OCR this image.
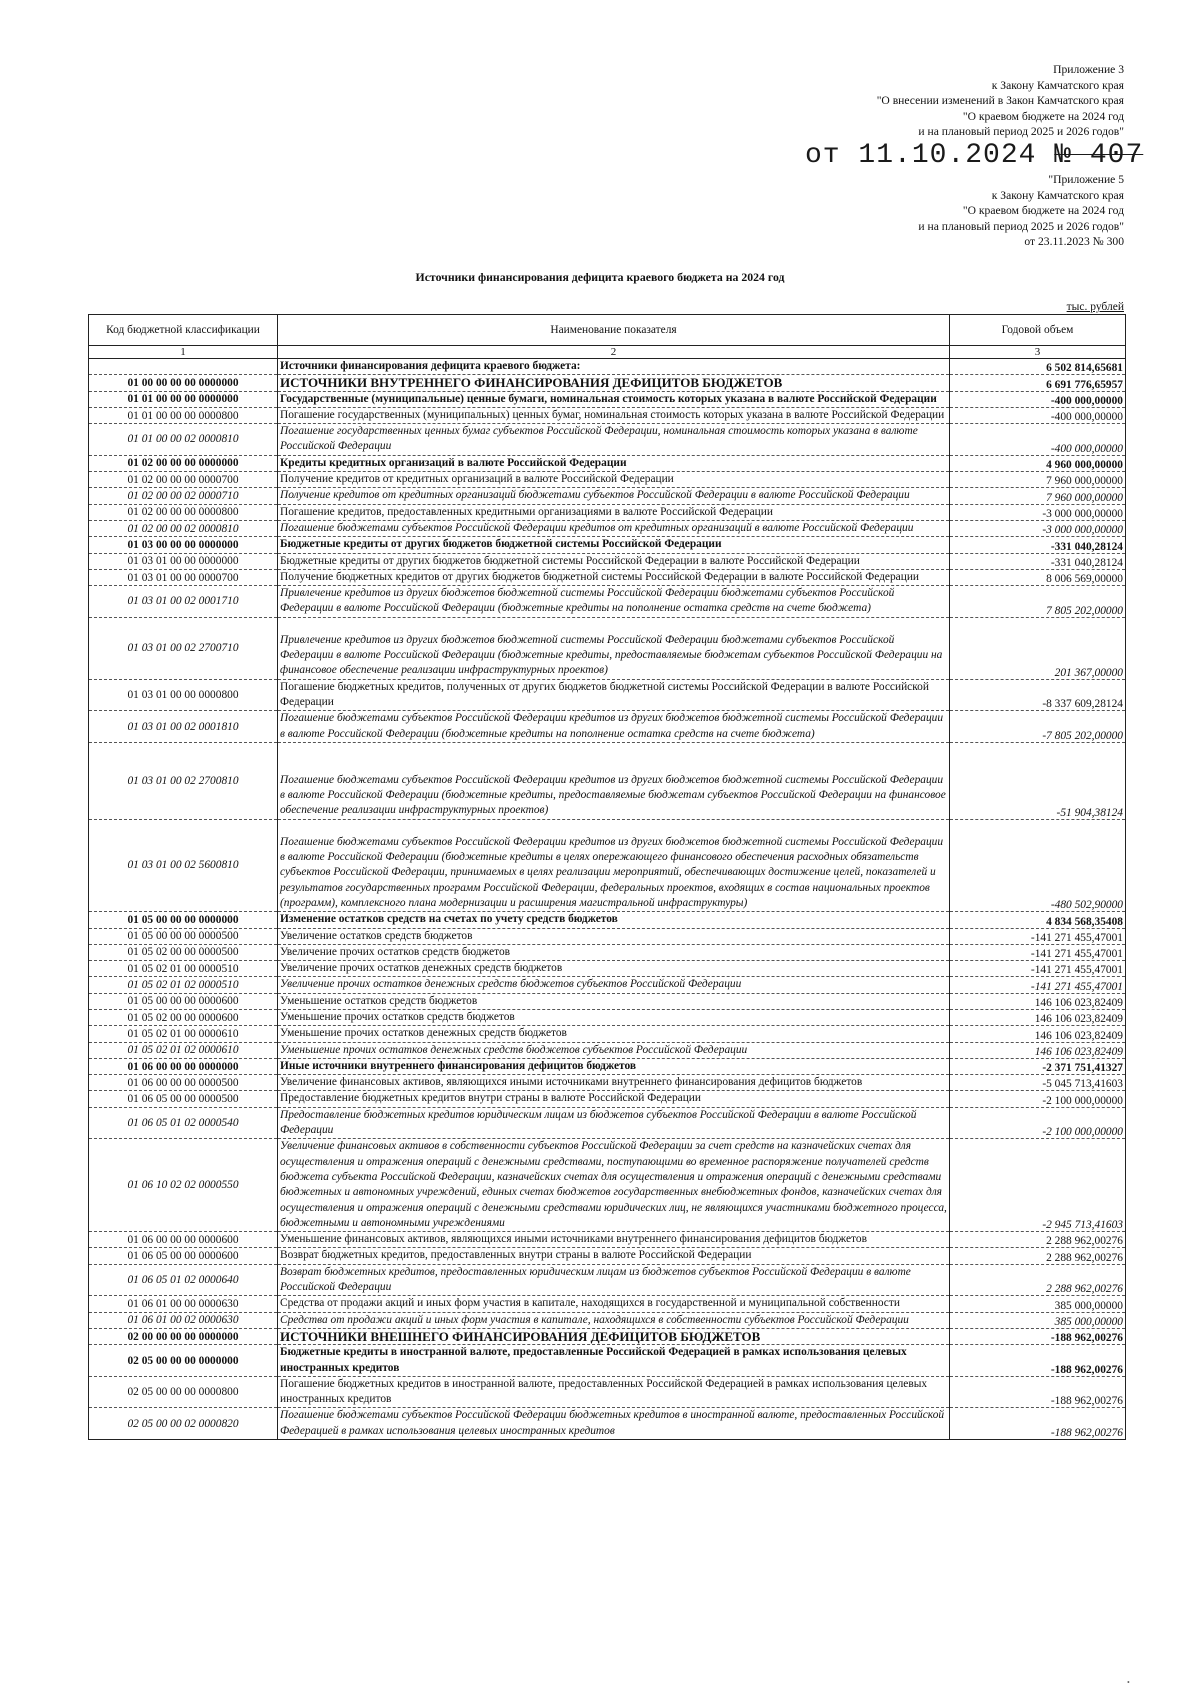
Приложение 3
к Закону Камчатского края
"О внесении изменений в Закон Камчатского края
"О краевом бюджете на 2024 год
и на плановый период 2025 и 2026 годов"
от 11.10.2024 № 407
"Приложение 5
к Закону Камчатского края
"О краевом бюджете на 2024 год
и на плановый период 2025 и 2026 годов"
от 23.11.2023 № 300
Источники финансирования дефицита краевого бюджета на 2024 год
тыс. рублей
Код бюджетной классификации	Наименование показателя	Годовой объем
1	2	3
	Источники финансирования дефицита краевого бюджета:	6 502 814,65681
01 00 00 00 00 0000000	ИСТОЧНИКИ ВНУТРЕННЕГО ФИНАНСИРОВАНИЯ ДЕФИЦИТОВ БЮДЖЕТОВ	6 691 776,65957
01 01 00 00 00 0000000	Государственные (муниципальные) ценные бумаги, номинальная стоимость которых указана в валюте Российской Федерации	-400 000,00000
01 01 00 00 00 0000800	Погашение государственных (муниципальных) ценных бумаг, номинальная стоимость которых указана в валюте Российской Федерации	-400 000,00000
01 01 00 00 02 0000810	Погашение государственных ценных бумаг субъектов Российской Федерации, номинальная стоимость которых указана в валюте Российской Федерации	-400 000,00000
01 02 00 00 00 0000000	Кредиты кредитных организаций в валюте Российской Федерации	4 960 000,00000
01 02 00 00 00 0000700	Получение кредитов от кредитных организаций в валюте Российской Федерации	7 960 000,00000
01 02 00 00 02 0000710	Получение кредитов от кредитных организаций бюджетами субъектов Российской Федерации в валюте Российской Федерации	7 960 000,00000
01 02 00 00 00 0000800	Погашение кредитов, предоставленных кредитными организациями в валюте Российской Федерации	-3 000 000,00000
01 02 00 00 02 0000810	Погашение бюджетами субъектов Российской Федерации кредитов от кредитных организаций в валюте Российской Федерации	-3 000 000,00000
01 03 00 00 00 0000000	Бюджетные кредиты от других бюджетов бюджетной системы Российской Федерации	-331 040,28124
01 03 01 00 00 0000000	Бюджетные кредиты от других бюджетов бюджетной системы Российской Федерации в валюте Российской Федерации	-331 040,28124
01 03 01 00 00 0000700	Получение бюджетных кредитов от других бюджетов бюджетной системы Российской Федерации в валюте Российской Федерации	8 006 569,00000
01 03 01 00 02 0001710	Привлечение кредитов из других бюджетов бюджетной системы Российской Федерации бюджетами субъектов Российской Федерации в валюте Российской Федерации (бюджетные кредиты на пополнение остатка средств на счете бюджета)	7 805 202,00000
01 03 01 00 02 2700710	Привлечение кредитов из других бюджетов бюджетной системы Российской Федерации бюджетами субъектов Российской Федерации в валюте Российской Федерации (бюджетные кредиты, предоставляемые бюджетам субъектов Российской Федерации на финансовое обеспечение реализации инфраструктурных проектов)	201 367,00000
01 03 01 00 00 0000800	Погашение бюджетных кредитов, полученных от других бюджетов бюджетной системы Российской Федерации в валюте Российской Федерации	-8 337 609,28124
01 03 01 00 02 0001810	Погашение бюджетами субъектов Российской Федерации кредитов из других бюджетов бюджетной системы Российской Федерации в валюте Российской Федерации (бюджетные кредиты на пополнение остатка средств на счете бюджета)	-7 805 202,00000
01 03 01 00 02 2700810	Погашение бюджетами субъектов Российской Федерации кредитов из других бюджетов бюджетной системы Российской Федерации в валюте Российской Федерации (бюджетные кредиты, предоставляемые бюджетам субъектов Российской Федерации на финансовое обеспечение реализации инфраструктурных проектов)	-51 904,38124
01 03 01 00 02 5600810	Погашение бюджетами субъектов Российской Федерации кредитов из других бюджетов бюджетной системы Российской Федерации в валюте Российской Федерации (бюджетные кредиты в целях опережающего финансового обеспечения расходных обязательств субъектов Российской Федерации, принимаемых в целях реализации мероприятий, обеспечивающих достижение целей, показателей и результатов государственных программ Российской Федерации, федеральных проектов, входящих в состав национальных проектов (программ), комплексного плана модернизации и расширения магистральной инфраструктуры)	-480 502,90000
01 05 00 00 00 0000000	Изменение остатков средств на счетах по учету средств бюджетов	4 834 568,35408
01 05 00 00 00 0000500	Увеличение остатков средств бюджетов	-141 271 455,47001
01 05 02 00 00 0000500	Увеличение прочих остатков средств бюджетов	-141 271 455,47001
01 05 02 01 00 0000510	Увеличение прочих остатков денежных средств бюджетов	-141 271 455,47001
01 05 02 01 02 0000510	Увеличение прочих остатков денежных средств бюджетов субъектов Российской Федерации	-141 271 455,47001
01 05 00 00 00 0000600	Уменьшение остатков средств бюджетов	146 106 023,82409
01 05 02 00 00 0000600	Уменьшение прочих остатков средств бюджетов	146 106 023,82409
01 05 02 01 00 0000610	Уменьшение прочих остатков денежных средств бюджетов	146 106 023,82409
01 05 02 01 02 0000610	Уменьшение прочих остатков денежных средств бюджетов субъектов Российской Федерации	146 106 023,82409
01 06 00 00 00 0000000	Иные источники внутреннего финансирования дефицитов бюджетов	-2 371 751,41327
01 06 00 00 00 0000500	Увеличение финансовых активов, являющихся иными источниками внутреннего финансирования дефицитов бюджетов	-5 045 713,41603
01 06 05 00 00 0000500	Предоставление бюджетных кредитов внутри страны в валюте Российской Федерации	-2 100 000,00000
01 06 05 01 02 0000540	Предоставление бюджетных кредитов юридическим лицам из бюджетов субъектов Российской Федерации в валюте Российской Федерации	-2 100 000,00000
01 06 10 02 02 0000550	Увеличение финансовых активов в собственности субъектов Российской Федерации за счет средств на казначейских счетах для осуществления и отражения операций с денежными средствами, поступающими во временное распоряжение получателей средств бюджета субъекта Российской Федерации, казначейских счетах для осуществления и отражения операций с денежными средствами бюджетных и автономных учреждений, единых счетах бюджетов государственных внебюджетных фондов, казначейских счетах для осуществления и отражения операций с денежными средствами юридических лиц, не являющихся участниками бюджетного процесса, бюджетными и автономными учреждениями	-2 945 713,41603
01 06 00 00 00 0000600	Уменьшение финансовых активов, являющихся иными источниками внутреннего финансирования дефицитов бюджетов	2 288 962,00276
01 06 05 00 00 0000600	Возврат бюджетных кредитов, предоставленных внутри страны в валюте Российской Федерации	2 288 962,00276
01 06 05 01 02 0000640	Возврат бюджетных кредитов, предоставленных юридическим лицам из бюджетов субъектов Российской Федерации в валюте Российской Федерации	2 288 962,00276
01 06 01 00 00 0000630	Средства от продажи акций и иных форм участия в капитале, находящихся в государственной и муниципальной собственности	385 000,00000
01 06 01 00 02 0000630	Средства от продажи акций и иных форм участия в капитале, находящихся в собственности субъектов Российской Федерации	385 000,00000
02 00 00 00 00 0000000	ИСТОЧНИКИ ВНЕШНЕГО ФИНАНСИРОВАНИЯ ДЕФИЦИТОВ БЮДЖЕТОВ	-188 962,00276
02 05 00 00 00 0000000	Бюджетные кредиты в иностранной валюте, предоставленные Российской Федерацией в рамках использования целевых иностранных кредитов	-188 962,00276
02 05 00 00 00 0000800	Погашение бюджетных кредитов в иностранной валюте, предоставленных Российской Федерацией в рамках использования целевых иностранных кредитов	-188 962,00276
02 05 00 00 02 0000820	Погашение бюджетами субъектов Российской Федерации бюджетных кредитов в иностранной валюте, предоставленных Российской Федерацией в рамках использования целевых иностранных кредитов	-188 962,00276
•
